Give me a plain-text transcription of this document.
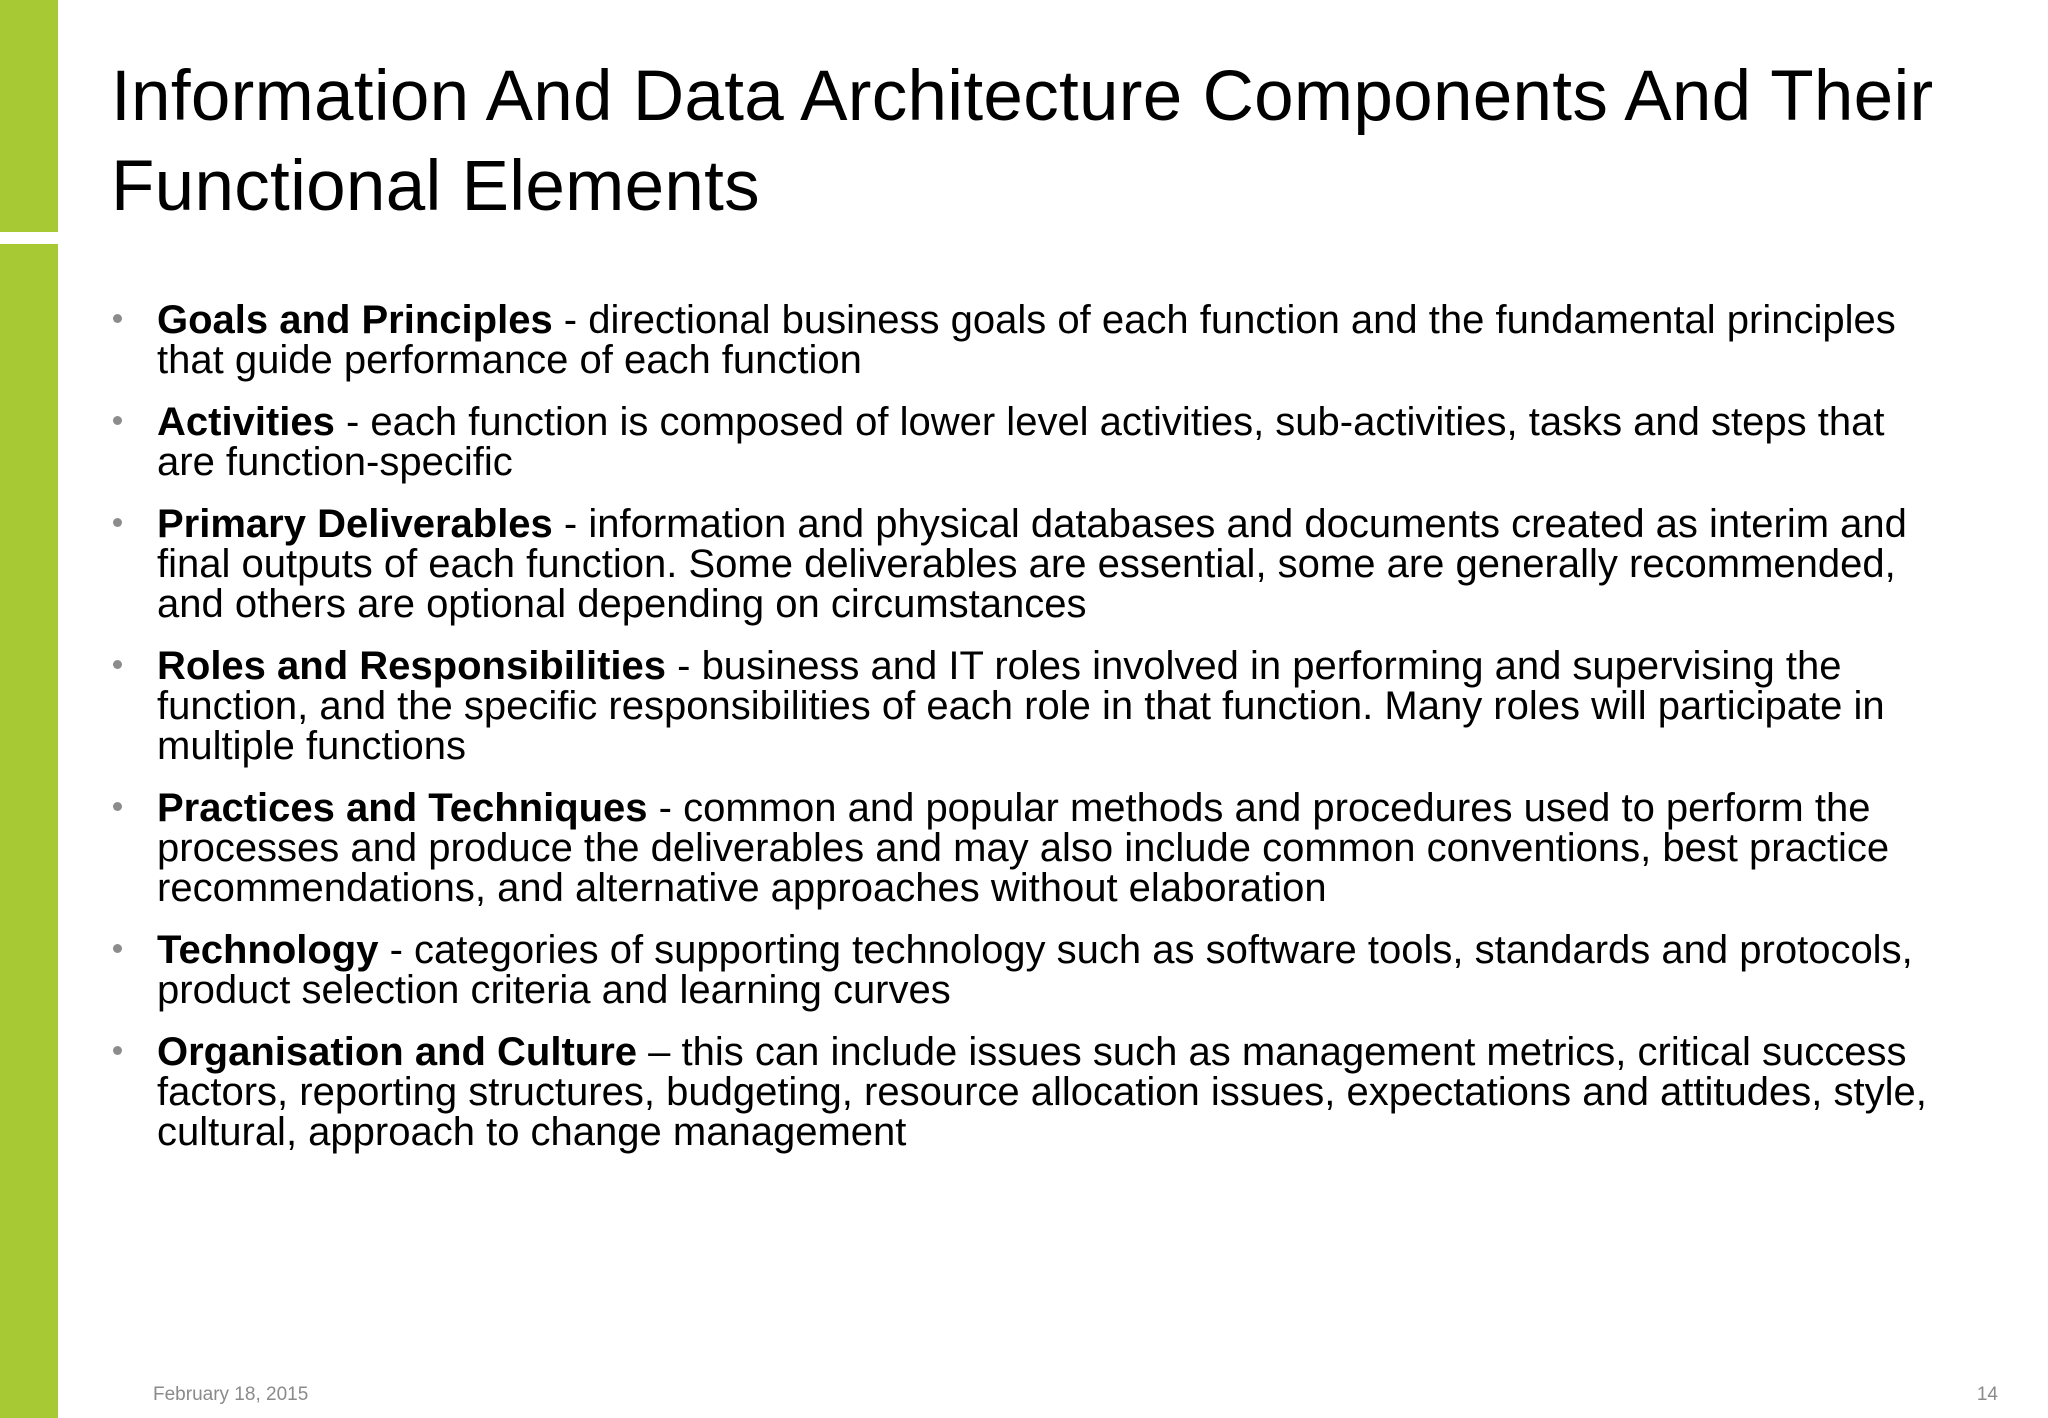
Information And Data Architecture Components And Their Functional Elements
Goals and Principles - directional business goals of each function and the fundamental principles that guide performance of each function
Activities - each function is composed of lower level activities, sub-activities, tasks and steps that are function-specific
Primary Deliverables - information and physical databases and documents created as interim and final outputs of each function. Some deliverables are essential, some are generally recommended, and others are optional depending on circumstances
Roles and Responsibilities - business and IT roles involved in performing and supervising the function, and the specific responsibilities of each role in that function. Many roles will participate in multiple functions
Practices and Techniques - common and popular methods and procedures used to perform the processes and produce the deliverables and may also include common conventions, best practice recommendations, and alternative approaches without elaboration
Technology - categories of supporting technology such as software tools, standards and protocols, product selection criteria and learning curves
Organisation and Culture – this can include issues such as management metrics, critical success factors, reporting structures, budgeting, resource allocation issues, expectations and attitudes, style, cultural, approach to change management
February 18, 2015	14
